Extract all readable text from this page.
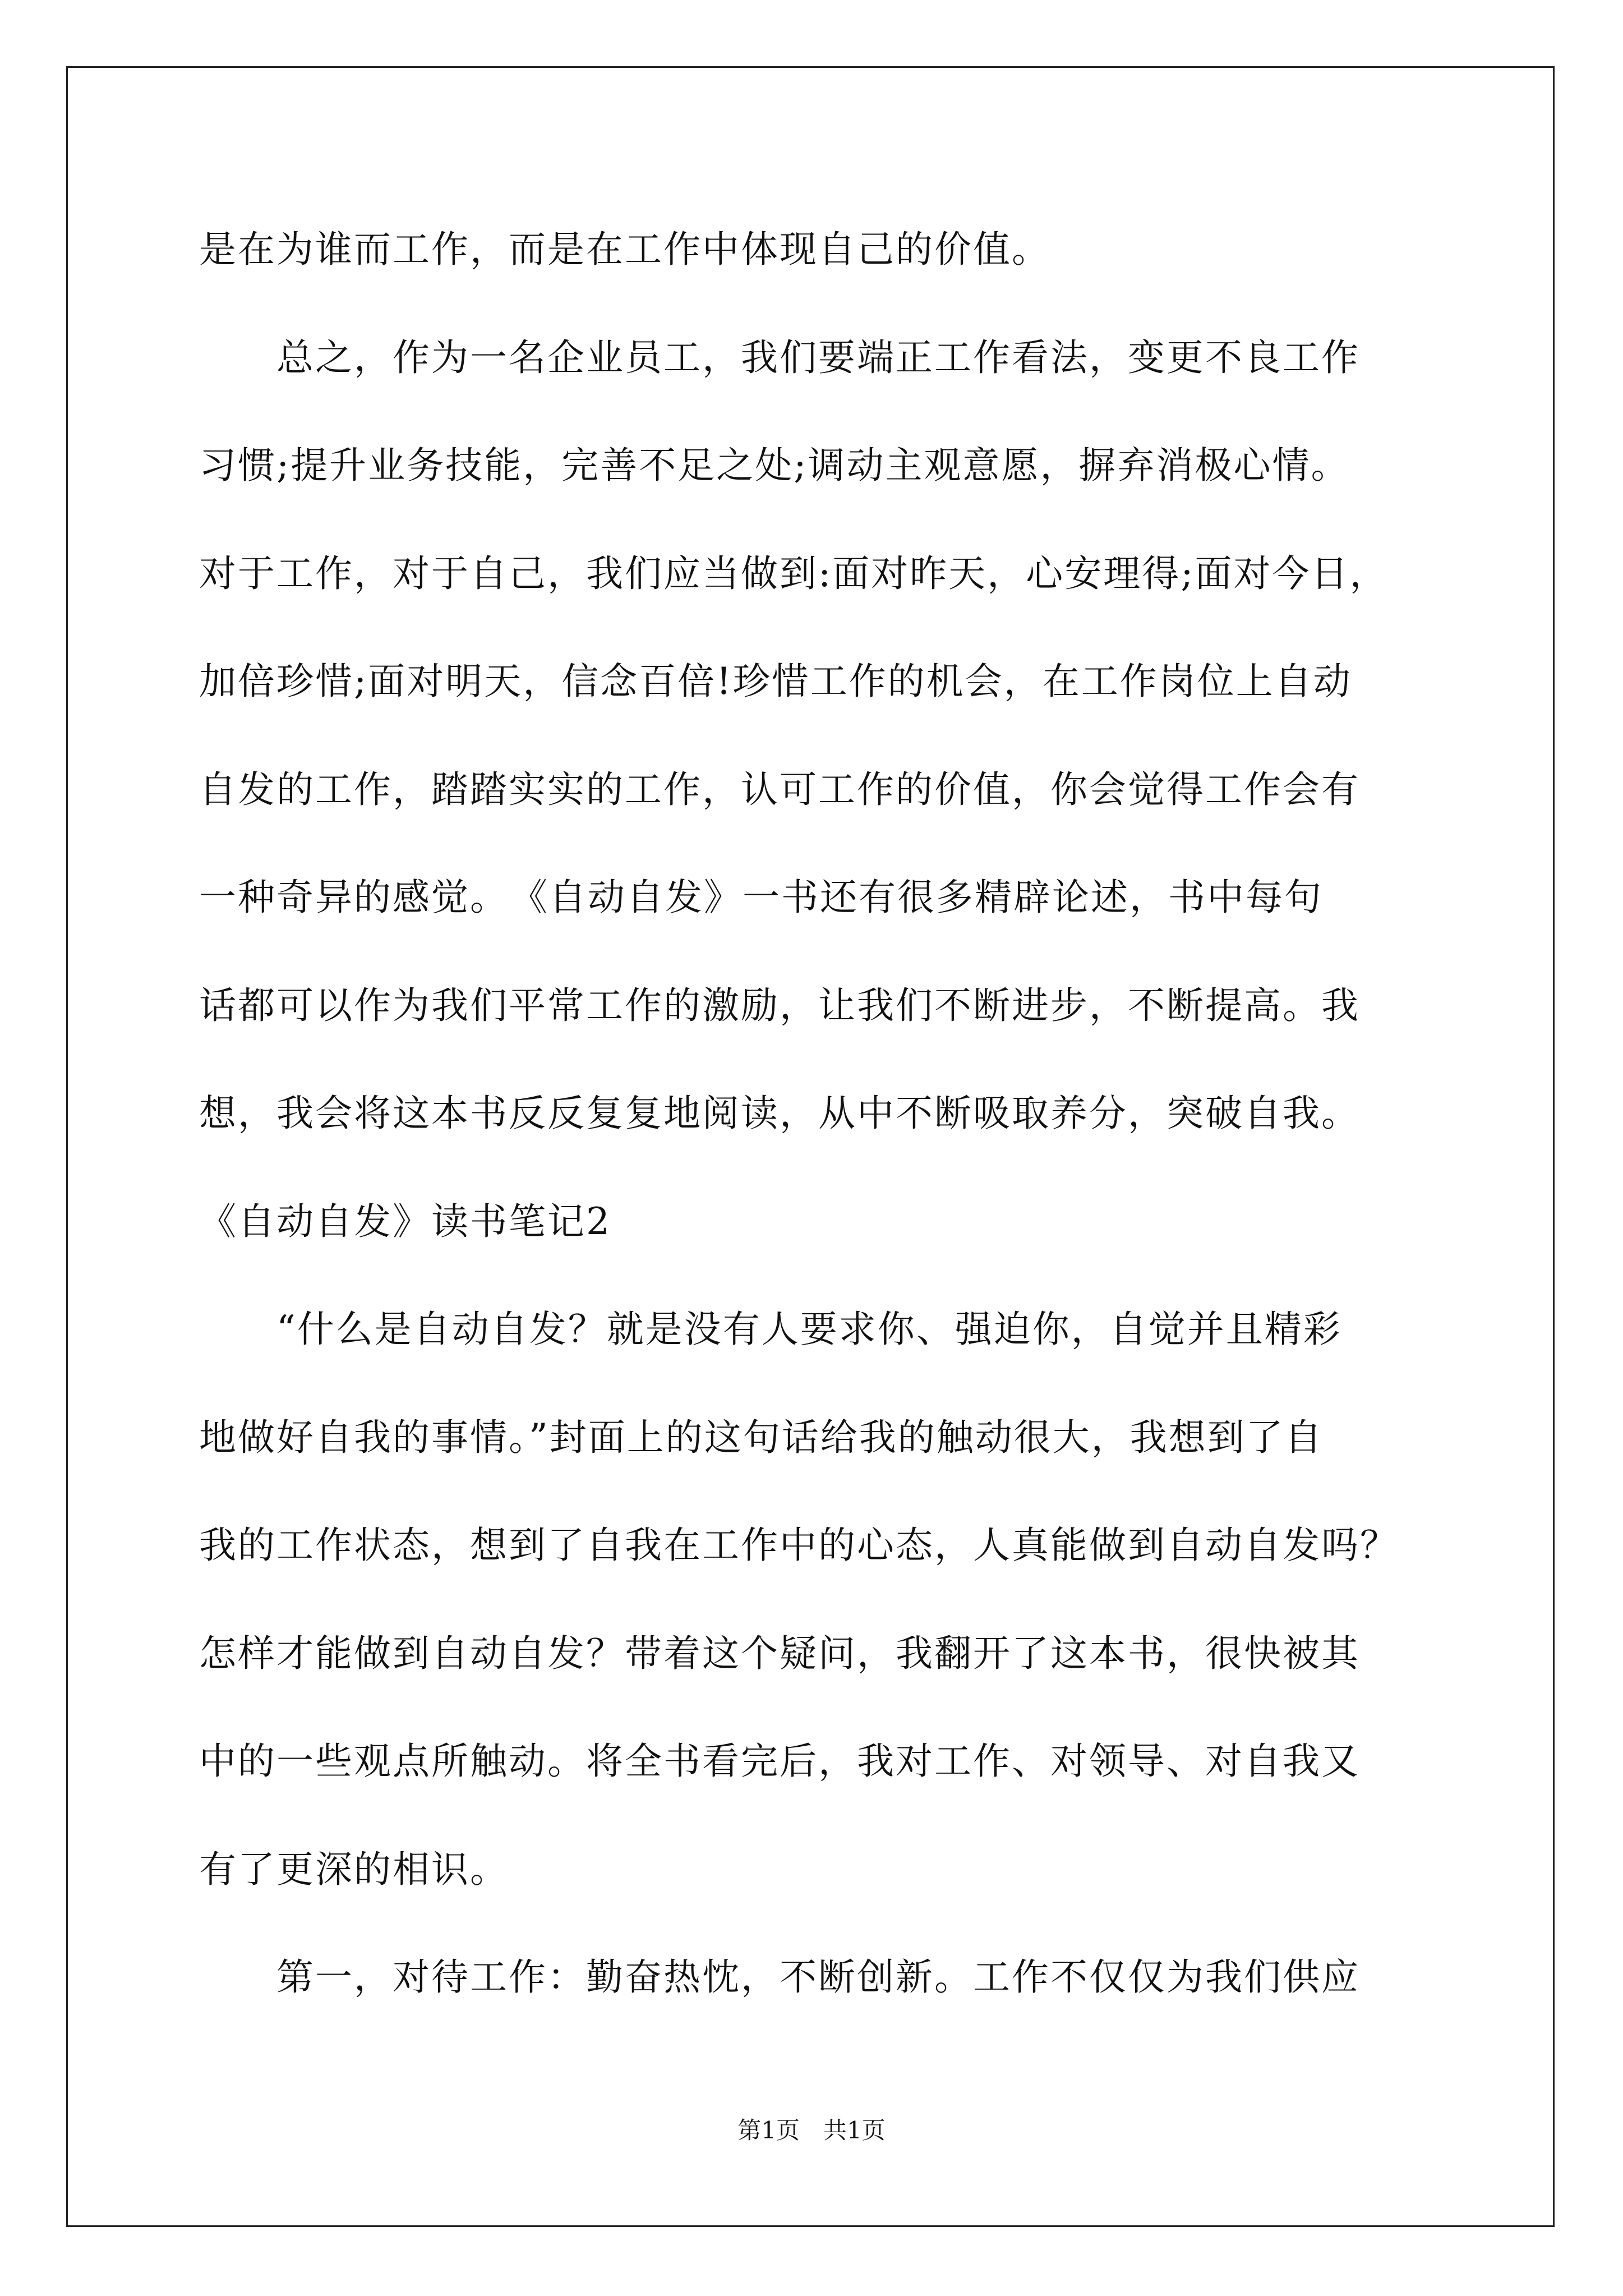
是在为谁而工作，而是在工作中体现自己的价值。

　　总之，作为一名企业员工，我们要端正工作看法，变更不良工作

习惯;提升业务技能，完善不足之处;调动主观意愿，摒弃消极心情。

对于工作，对于自己，我们应当做到:面对昨天，心安理得;面对今日，

加倍珍惜;面对明天，信念百倍!珍惜工作的机会，在工作岗位上自动

自发的工作，踏踏实实的工作，认可工作的价值，你会觉得工作会有

一种奇异的感觉。　《自动自发》一书还有很多精辟论述，书中每句

话都可以作为我们平常工作的激励，让我们不断进步，不断提高。我

想，我会将这本书反反复复地阅读，从中不断吸取养分，突破自我。

《自动自发》读书笔记2

　　“什么是自动自发？就是没有人要求你、强迫你，自觉并且精彩

地做好自我的事情。”封面上的这句话给我的触动很大，我想到了自

我的工作状态，想到了自我在工作中的心态，人真能做到自动自发吗？

怎样才能做到自动自发？带着这个疑问，我翻开了这本书，很快被其

中的一些观点所触动。将全书看完后，我对工作、对领导、对自我又

有了更深的相识。

　　第一，对待工作：勤奋热忱，不断创新。工作不仅仅为我们供应

第1页　共1页
